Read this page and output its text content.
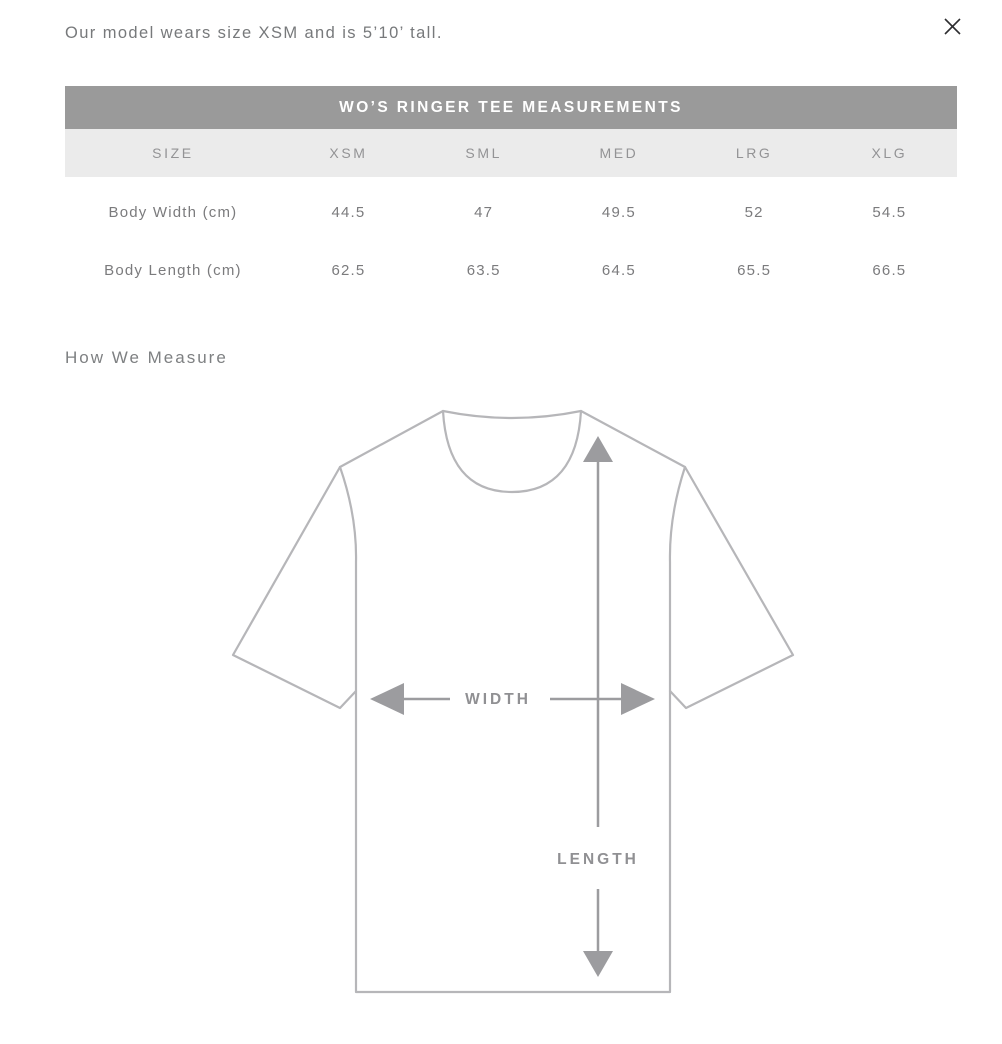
Our model wears size XSM and is 5’10’ tall.
WO’S RINGER TEE MEASUREMENTS					
SIZE	XSM	SML	MED	LRG	XLG
Body Width (cm)	44.5	47	49.5	52	54.5
Body Length (cm)	62.5	63.5	64.5	65.5	66.5
How We Measure
WIDTH
LENGTH
